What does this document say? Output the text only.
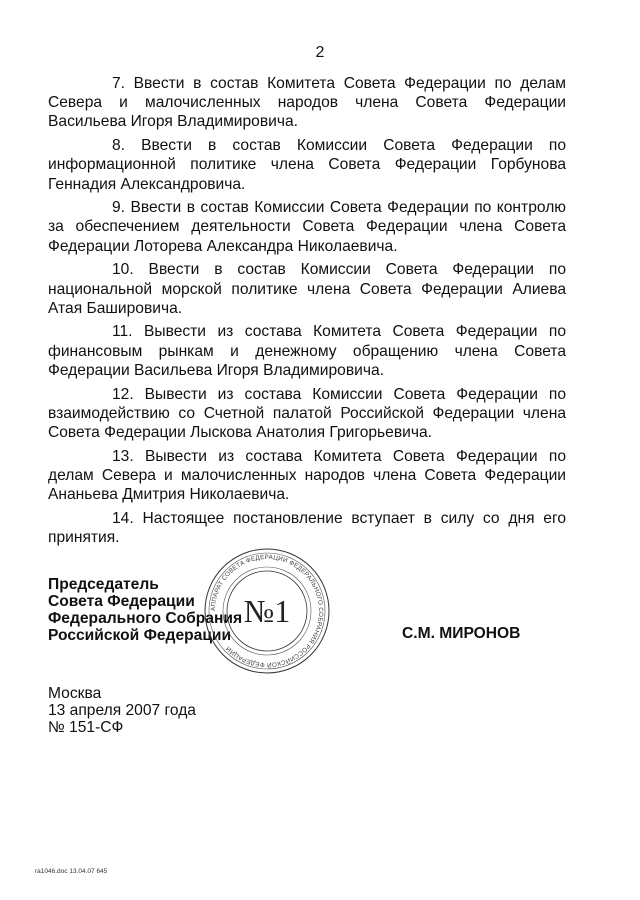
2

7. Ввести в состав Комитета Совета Федерации по делам Севера и малочисленных народов члена Совета Федерации Васильева Игоря Владимировича.

8. Ввести в состав Комиссии Совета Федерации по информационной политике члена Совета Федерации Горбунова Геннадия Александровича.

9. Ввести в состав Комиссии Совета Федерации по контролю за обеспечением деятельности Совета Федерации члена Совета Федерации Лоторева Александра Николаевича.

10. Ввести в состав Комиссии Совета Федерации по национальной морской политике члена Совета Федерации Алиева Атая Башировича.

11. Вывести из состава Комитета Совета Федерации по финансовым рынкам и денежному обращению члена Совета Федерации Васильева Игоря Владимировича.

12. Вывести из состава Комиссии Совета Федерации по взаимодействию со Счетной палатой Российской Федерации члена Совета Федерации Лыскова Анатолия Григорьевича.

13. Вывести из состава Комитета Совета Федерации по делам Севера и малочисленных народов члена Совета Федерации Ананьева Дмитрия Николаевича.

14. Настоящее постановление вступает в силу со дня его принятия.

Председатель
Совета Федерации
Федерального Собрания
Российской Федерации
АППАРАТ СОВЕТА ФЕДЕРАЦИИ ФЕДЕРАЛЬНОГО СОБРАНИЯ РОССИЙСКОЙ ФЕДЕРАЦИИ
№1
С.М. МИРОНОВ
Москва
13 апреля 2007 года
№ 151-СФ
ra1046.doc 13.04.07 645
